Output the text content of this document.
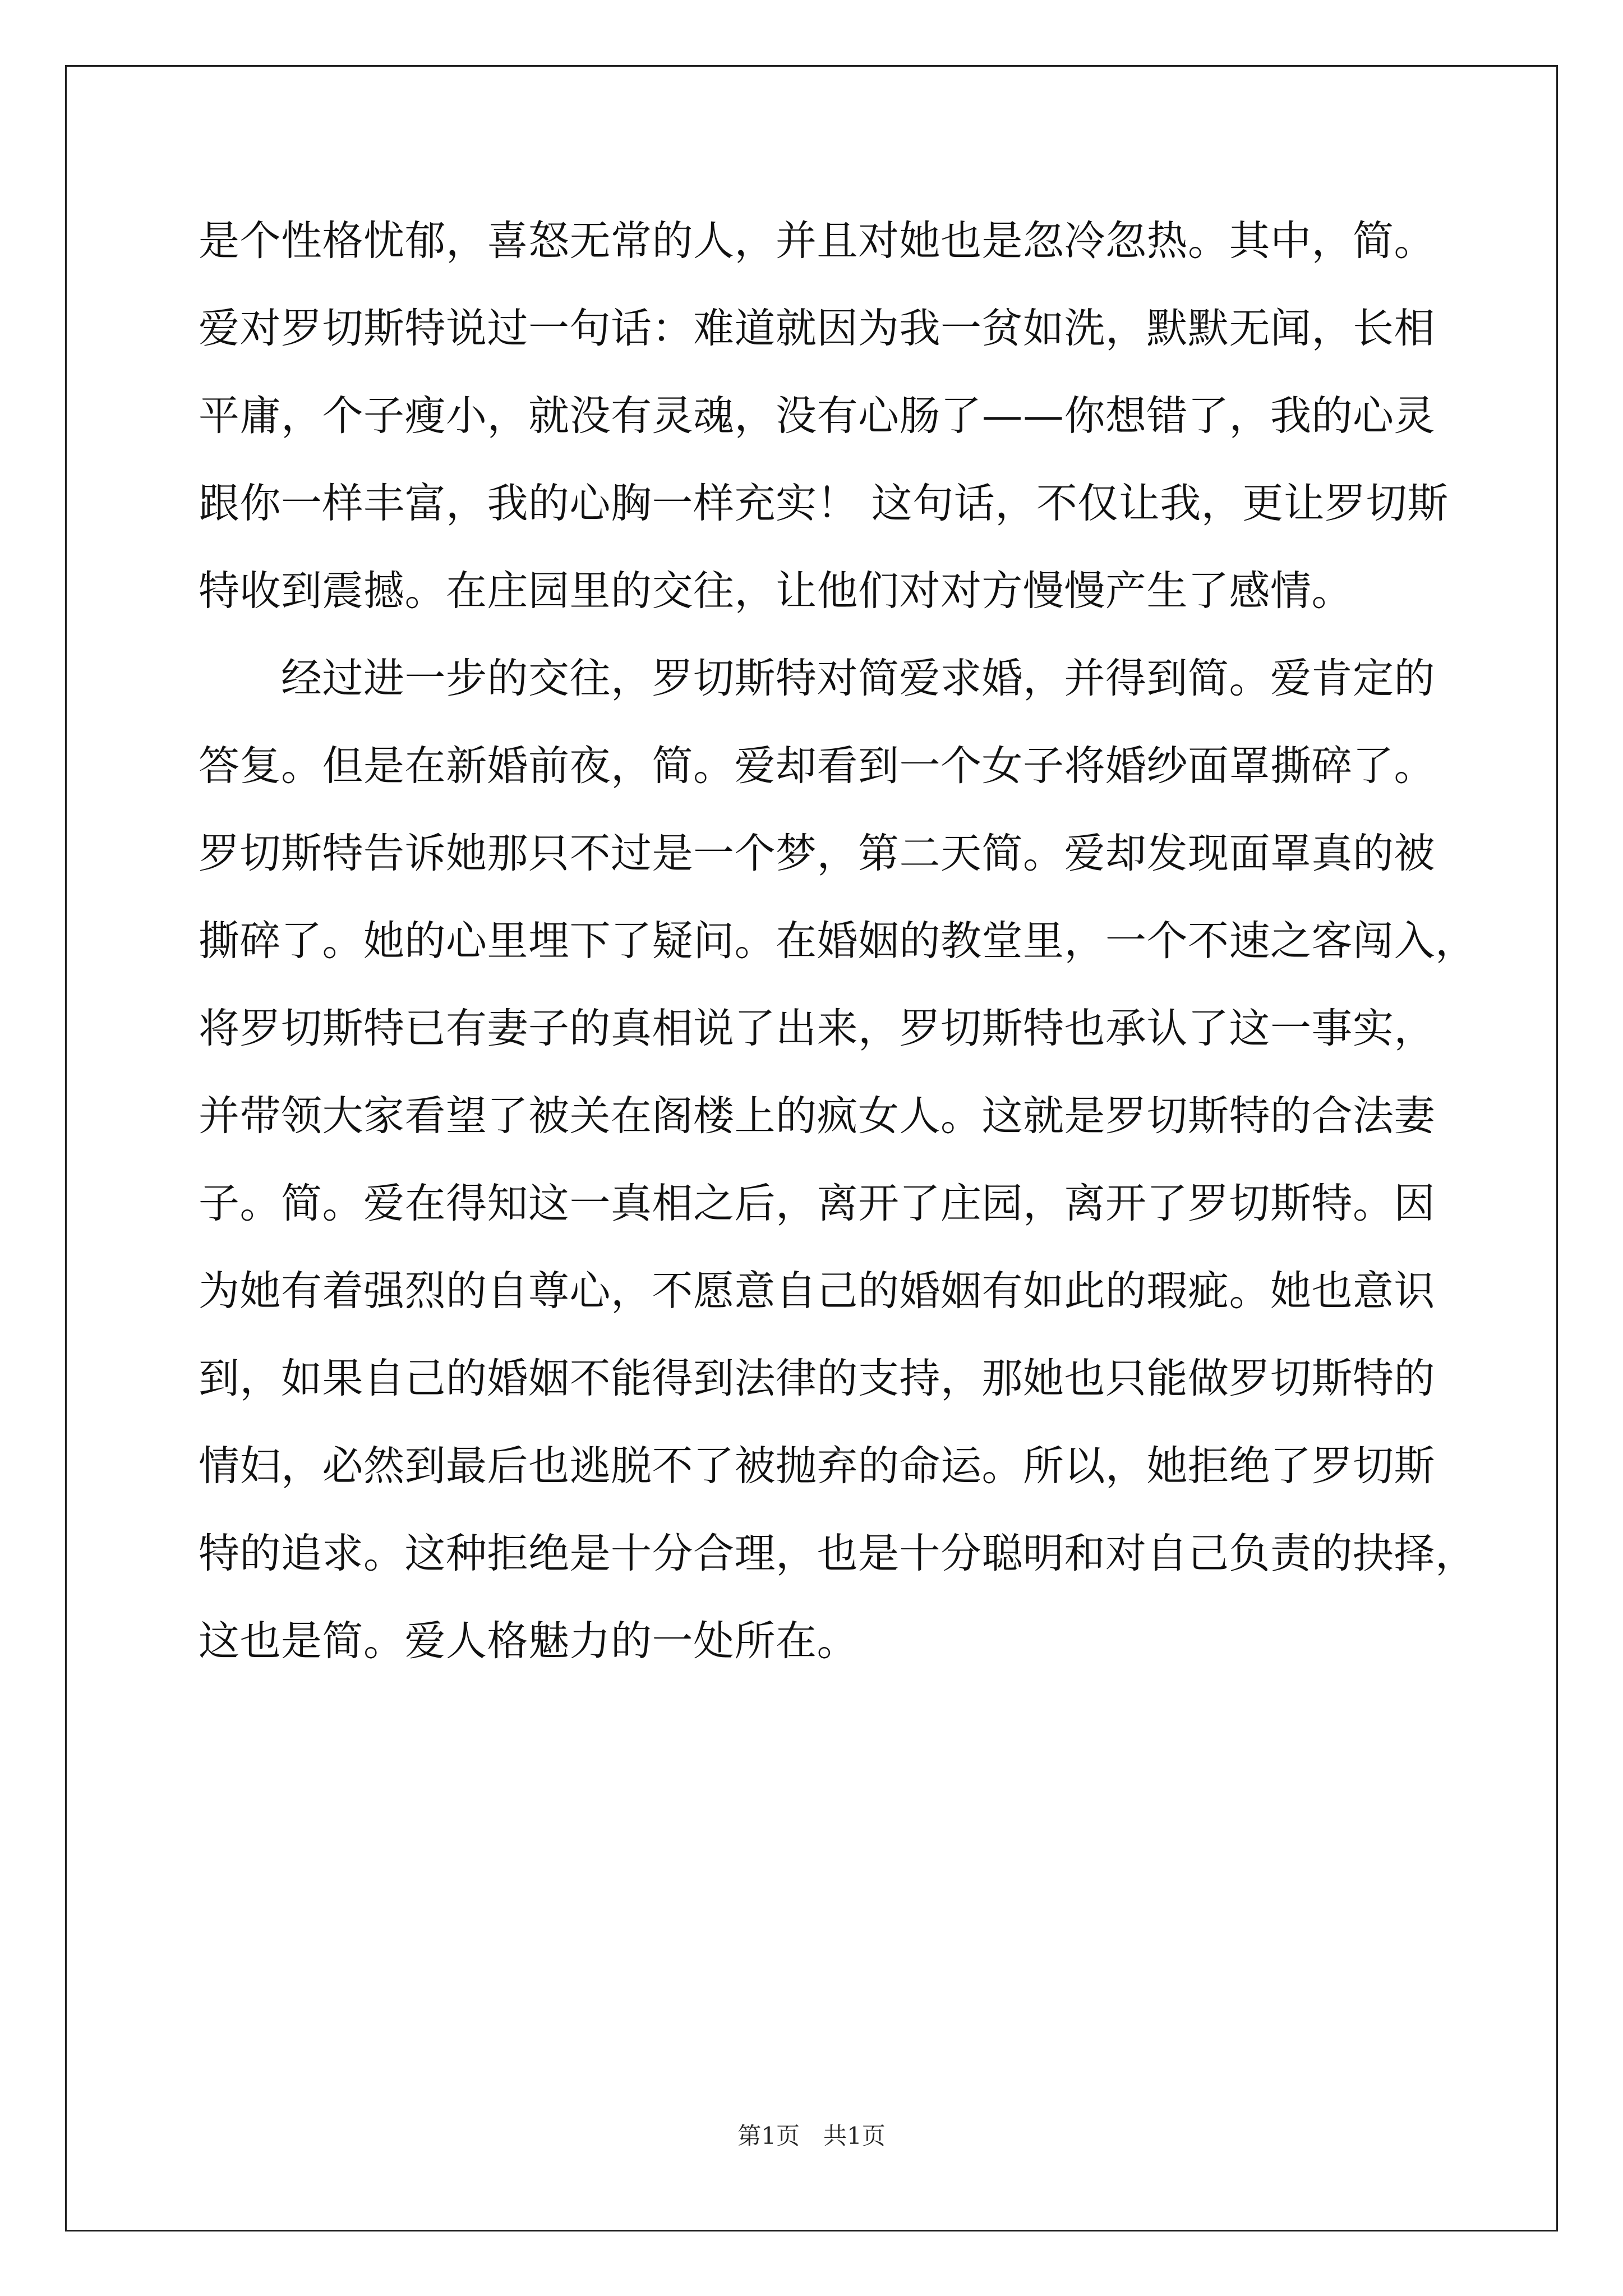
是个性格忧郁，喜怒无常的人，并且对她也是忽冷忽热。其中，简。
爱对罗切斯特说过一句话：难道就因为我一贫如洗，默默无闻，长相
平庸，个子瘦小，就没有灵魂，没有心肠了——你想错了，我的心灵
跟你一样丰富，我的心胸一样充实！ 这句话，不仅让我，更让罗切斯
特收到震撼。在庄园里的交往，让他们对对方慢慢产生了感情。
　　经过进一步的交往，罗切斯特对简爱求婚，并得到简。爱肯定的
答复。但是在新婚前夜，简。爱却看到一个女子将婚纱面罩撕碎了。
罗切斯特告诉她那只不过是一个梦，第二天简。爱却发现面罩真的被
撕碎了。她的心里埋下了疑问。在婚姻的教堂里，一个不速之客闯入，
将罗切斯特已有妻子的真相说了出来，罗切斯特也承认了这一事实，
并带领大家看望了被关在阁楼上的疯女人。这就是罗切斯特的合法妻
子。简。爱在得知这一真相之后，离开了庄园，离开了罗切斯特。因
为她有着强烈的自尊心，不愿意自己的婚姻有如此的瑕疵。她也意识
到，如果自己的婚姻不能得到法律的支持，那她也只能做罗切斯特的
情妇，必然到最后也逃脱不了被抛弃的命运。所以，她拒绝了罗切斯
特的追求。这种拒绝是十分合理，也是十分聪明和对自己负责的抉择，
这也是简。爱人格魅力的一处所在。
第1页　共1页
